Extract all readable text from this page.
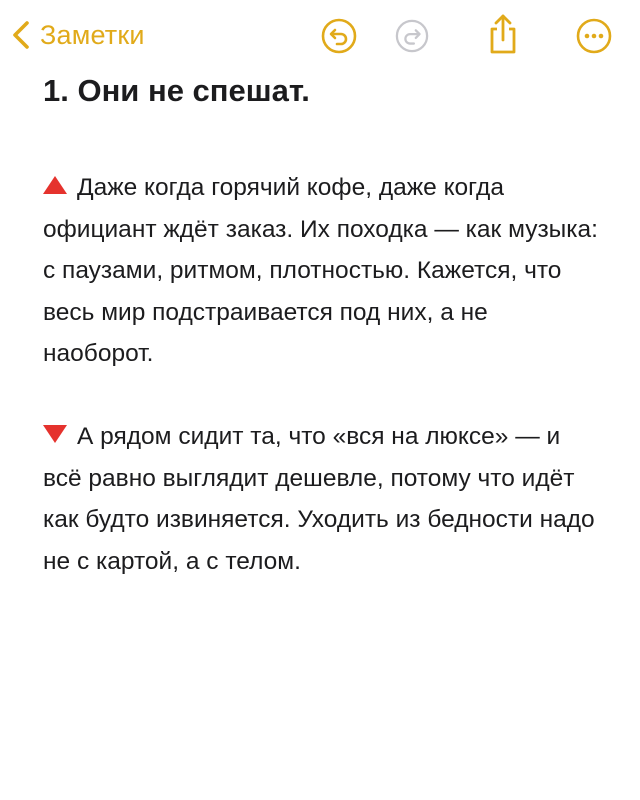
Заметки
1. Они не спешат.

Даже когда горячий кофе, даже когда официант ждёт заказ. Их походка — как музыка: с паузами, ритмом, плотностью. Кажется, что весь мир подстраивается под них, а не наоборот.

А рядом сидит та, что «вся на люксе» — и всё равно выглядит дешевле, потому что идёт как будто извиняется. Уходить из бедности надо не с картой, а с телом.
